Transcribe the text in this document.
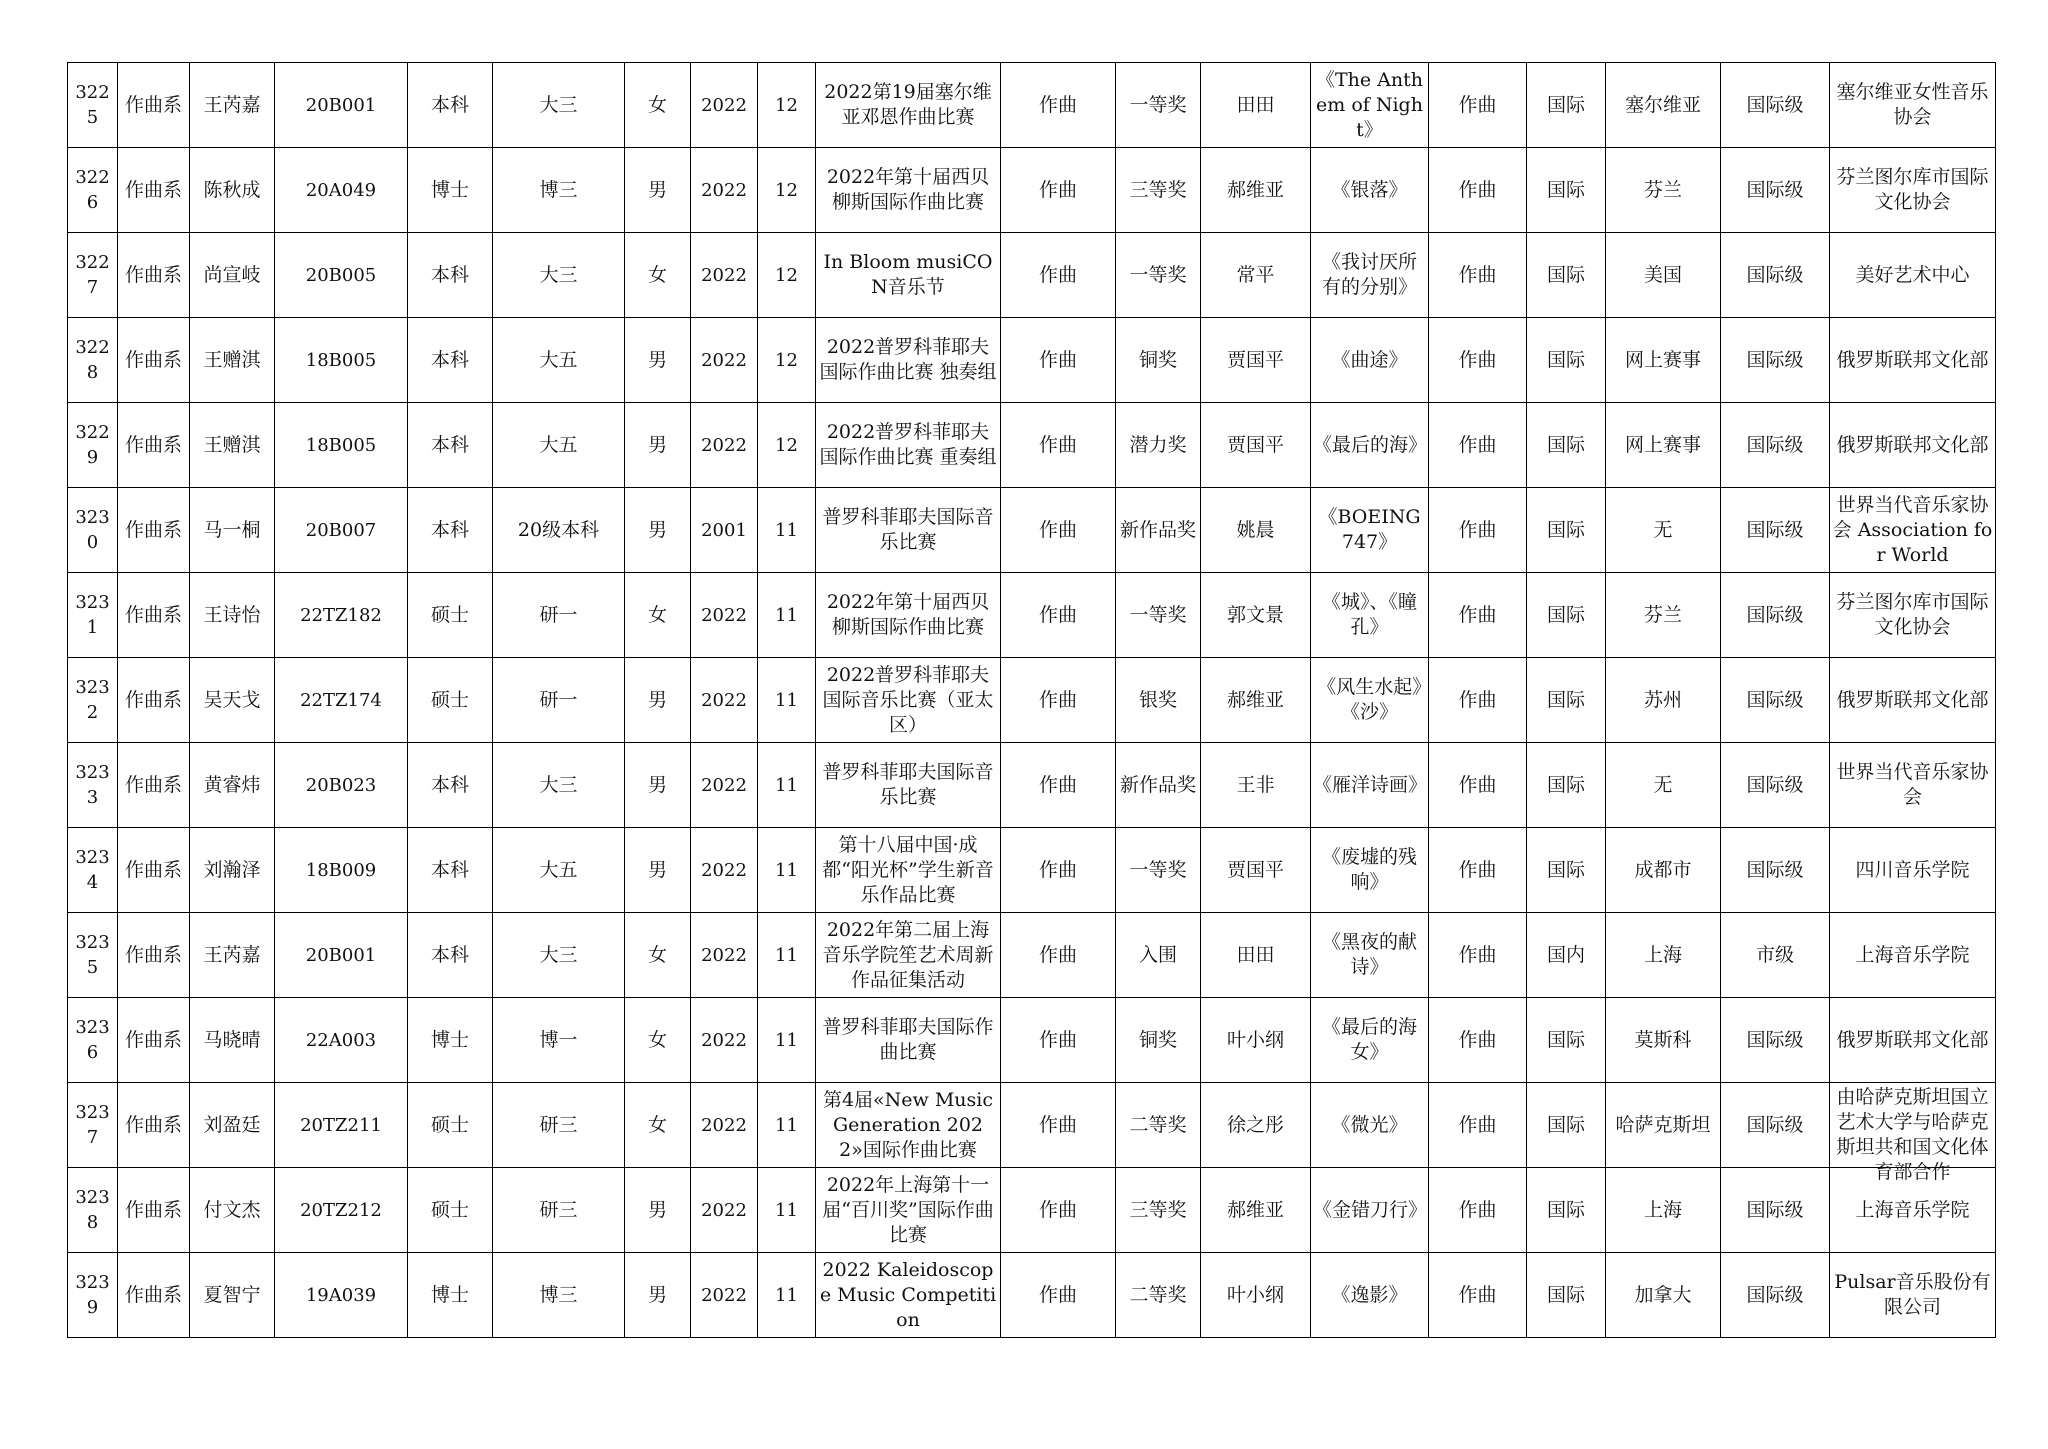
3225	作曲系	王芮嘉	20B001	本科	大三	女	2022	12	2022第19届塞尔维亚邓恩作曲比赛	作曲	一等奖	田田	《The Anthem of Night》	作曲	国际	塞尔维亚	国际级	塞尔维亚女性音乐协会

3226	作曲系	陈秋成	20A049	博士	博三	男	2022	12	2022年第十届西贝柳斯国际作曲比赛	作曲	三等奖	郝维亚	《银落》	作曲	国际	芬兰	国际级	芬兰图尔库市国际文化协会

3227	作曲系	尚宣岐	20B005	本科	大三	女	2022	12	In Bloom musiCON音乐节	作曲	一等奖	常平	《我讨厌所有的分别》	作曲	国际	美国	国际级	美好艺术中心

3228	作曲系	王赠淇	18B005	本科	大五	男	2022	12	2022普罗科菲耶夫国际作曲比赛 独奏组	作曲	铜奖	贾国平	《曲途》	作曲	国际	网上赛事	国际级	俄罗斯联邦文化部

3229	作曲系	王赠淇	18B005	本科	大五	男	2022	12	2022普罗科菲耶夫国际作曲比赛 重奏组	作曲	潜力奖	贾国平	《最后的海》	作曲	国际	网上赛事	国际级	俄罗斯联邦文化部

3230	作曲系	马一桐	20B007	本科	20级本科	男	2001	11	普罗科菲耶夫国际音乐比赛	作曲	新作品奖	姚晨	《BOEING747》	作曲	国际	无	国际级	世界当代音乐家协会 Association for World

3231	作曲系	王诗怡	22TZ182	硕士	研一	女	2022	11	2022年第十届西贝柳斯国际作曲比赛	作曲	一等奖	郭文景	《城》、《瞳孔》	作曲	国际	芬兰	国际级	芬兰图尔库市国际文化协会

3232	作曲系	吴天戈	22TZ174	硕士	研一	男	2022	11	2022普罗科菲耶夫国际音乐比赛（亚太区）	作曲	银奖	郝维亚	《风生水起》《沙》	作曲	国际	苏州	国际级	俄罗斯联邦文化部

3233	作曲系	黄睿炜	20B023	本科	大三	男	2022	11	普罗科菲耶夫国际音乐比赛	作曲	新作品奖	王非	《雁洋诗画》	作曲	国际	无	国际级	世界当代音乐家协会

3234	作曲系	刘瀚泽	18B009	本科	大五	男	2022	11	第十八届中国·成都“阳光杯”学生新音乐作品比赛	作曲	一等奖	贾国平	《废墟的残响》	作曲	国际	成都市	国际级	四川音乐学院

3235	作曲系	王芮嘉	20B001	本科	大三	女	2022	11	2022年第二届上海音乐学院笙艺术周新作品征集活动	作曲	入围	田田	《黑夜的献诗》	作曲	国内	上海	市级	上海音乐学院

3236	作曲系	马晓晴	22A003	博士	博一	女	2022	11	普罗科菲耶夫国际作曲比赛	作曲	铜奖	叶小纲	《最后的海女》	作曲	国际	莫斯科	国际级	俄罗斯联邦文化部

3237	作曲系	刘盈廷	20TZ211	硕士	研三	女	2022	11	第4届«New Music Generation 2022»国际作曲比赛	作曲	二等奖	徐之彤	《微光》	作曲	国际	哈萨克斯坦	国际级	由哈萨克斯坦国立艺术大学与哈萨克斯坦共和国文化体育部合作

3238	作曲系	付文杰	20TZ212	硕士	研三	男	2022	11	2022年上海第十一届“百川奖”国际作曲比赛	作曲	三等奖	郝维亚	《金错刀行》	作曲	国际	上海	国际级	上海音乐学院

3239	作曲系	夏智宁	19A039	博士	博三	男	2022	11	2022 Kaleidoscope Music Competition	作曲	二等奖	叶小纲	《逸影》	作曲	国际	加拿大	国际级	Pulsar音乐股份有限公司
